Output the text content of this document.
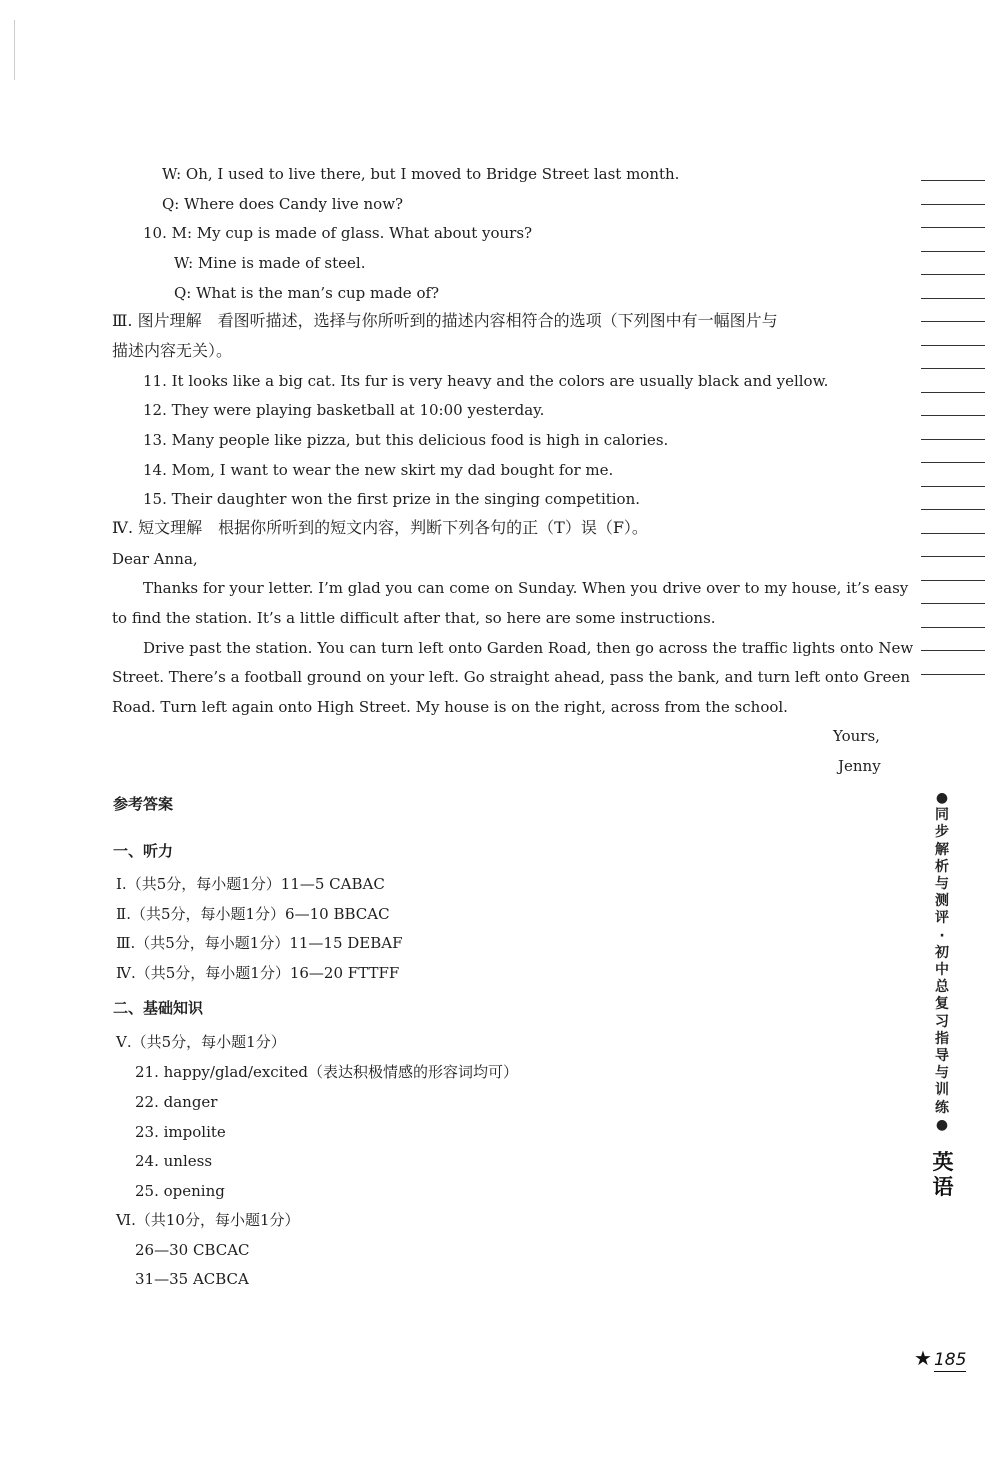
W: Oh, I used to live there, but I moved to Bridge Street last month.
Q: Where does Candy live now?
10. M: My cup is made of glass. What about yours?
W: Mine is made of steel.
Q: What is the man’s cup made of?
Ⅲ. 图片理解　看图听描述，选择与你所听到的描述内容相符合的选项（下列图中有一幅图片与
描述内容无关）。
11. It looks like a big cat. Its fur is very heavy and the colors are usually black and yellow.
12. They were playing basketball at 10:00 yesterday.
13. Many people like pizza, but this delicious food is high in calories.
14. Mom, I want to wear the new skirt my dad bought for me.
15. Their daughter won the first prize in the singing competition.
Ⅳ. 短文理解　根据你所听到的短文内容，判断下列各句的正（T）误（F）。
Dear Anna,
Thanks for your letter. I’m glad you can come on Sunday. When you drive over to my house, it’s easy
to find the station. It’s a little difficult after that, so here are some instructions.
Drive past the station. You can turn left onto Garden Road, then go across the traffic lights onto New
Street. There’s a football ground on your left. Go straight ahead, pass the bank, and turn left onto Green
Road. Turn left again onto High Street. My house is on the right, across from the school.
Yours,
Jenny
参考答案
一、听力
Ⅰ.（共5分，每小题1分）11—5 CABAC
Ⅱ.（共5分，每小题1分）6—10 BBCAC
Ⅲ.（共5分，每小题1分）11—15 DEBAF
Ⅳ.（共5分，每小题1分）16—20 FTTFF
二、基础知识
Ⅴ.（共5分，每小题1分）
21. happy/glad/excited（表达积极情感的形容词均可）
22. danger
23. impolite
24. unless
25. opening
Ⅵ.（共10分，每小题1分）
26—30 CBCAC
31—35 ACBCA
●
同
步
解
析
与
测
评
·
初
中
总
复
习
指
导
与
训
练
●
英
语
★ 185
